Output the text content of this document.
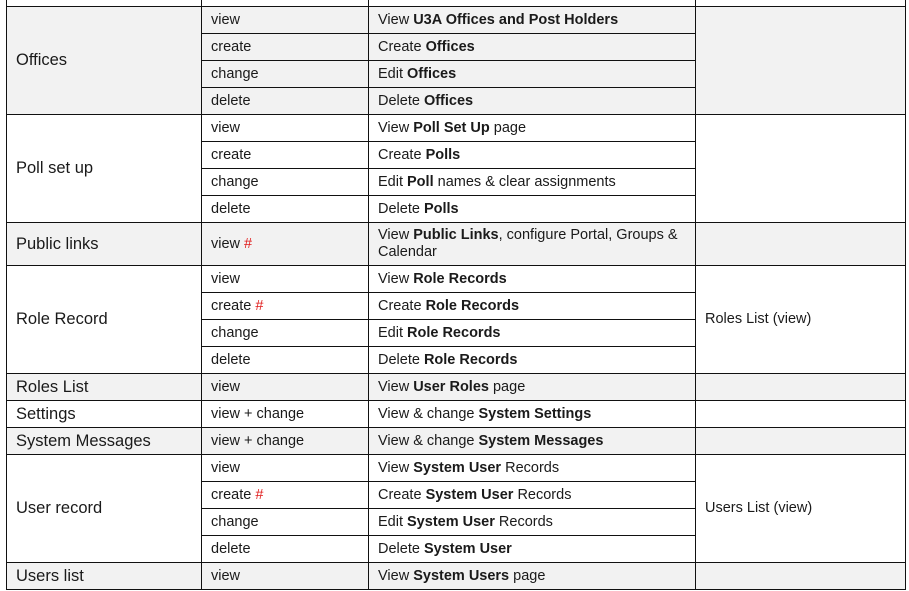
Offices	view	View U3A Offices and Post Holders	
	create	Create Offices	
	change	Edit Offices	
	delete	Delete Offices	
Poll set up	view	View Poll Set Up page	
	create	Create Polls	
	change	Edit Poll names & clear assignments	
	delete	Delete Polls	
Public links	view #	View Public Links, configure Portal, Groups & Calendar	
Role Record	view	View Role Records	Roles List (view)
	create #	Create Role Records	
	change	Edit Role Records	
	delete	Delete Role Records	
Roles List	view	View User Roles page	
Settings	view + change	View & change System Settings	
System Messages	view + change	View & change System Messages	
User record	view	View System User Records	Users List (view)
	create #	Create System User Records	
	change	Edit System User Records	
	delete	Delete System User	
Users list	view	View System Users page	
